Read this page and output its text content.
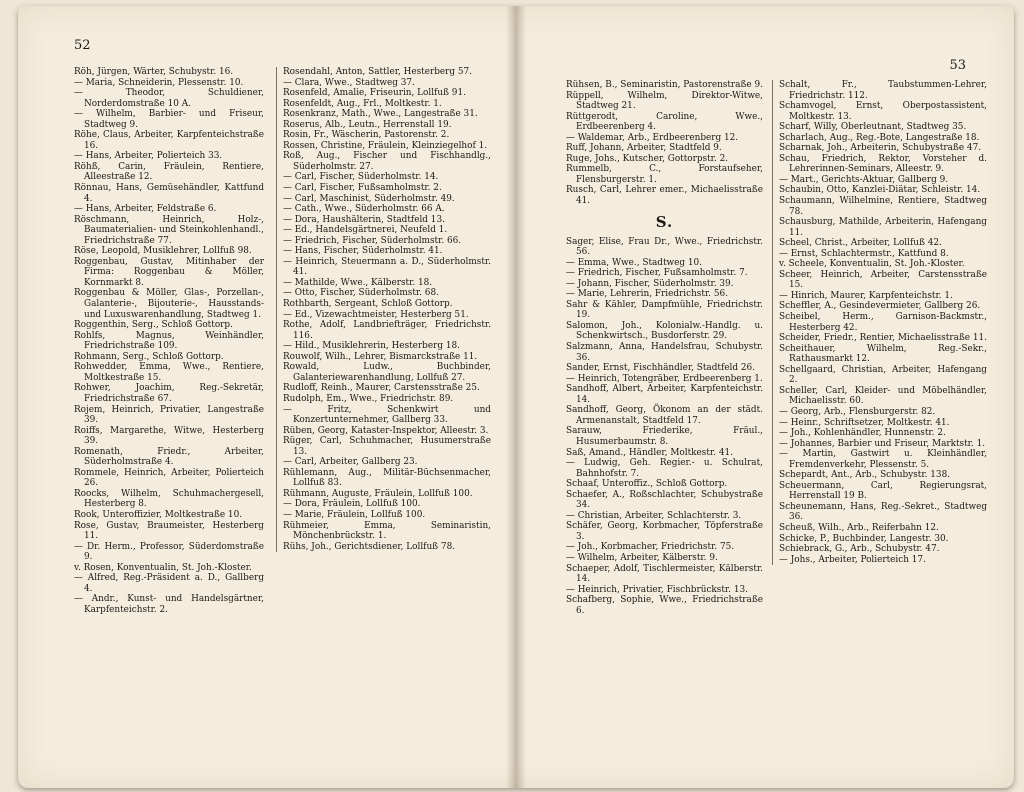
52

Röh, Jürgen, Wärter, Schubystr. 16.

— Maria, Schneiderin, Plessenstr. 10.

— Theodor, Schuldiener, Norderdomstraße 10 A.

— Wilhelm, Barbier- und Friseur, Stadtweg 9.

Röhe, Claus, Arbeiter, Karpfenteichstraße 16.

— Hans, Arbeiter, Polierteich 33.

Röhß, Carin, Fräulein, Rentiere, Alleestraße 12.

Rönnau, Hans, Gemüsehändler, Kattfund 4.

— Hans, Arbeiter, Feldstraße 6.

Röschmann, Heinrich, Holz-, Baumaterialien- und Steinkohlenhandl., Friedrichstraße 77.

Röse, Leopold, Musiklehrer, Lollfuß 98.

Roggenbau, Gustav, Mitinhaber der Firma: Roggenbau & Möller, Kornmarkt 8.

Roggenbau & Möller, Glas-, Porzellan-, Galanterie-, Bijouterie-, Hausstands- und Luxuswarenhandlung, Stadtweg 1.

Roggenthin, Serg., Schloß Gottorp.

Rohlfs, Magnus, Weinhändler, Friedrichstraße 109.

Rohmann, Serg., Schloß Gottorp.

Rohwedder, Emma, Wwe., Rentiere, Moltkestraße 15.

Rohwer, Joachim, Reg.-Sekretär, Friedrichstraße 67.

Rojem, Heinrich, Privatier, Langestraße 39.

Roiffs, Margarethe, Witwe, Hesterberg 39.

Romenath, Friedr., Arbeiter, Süderholmstraße 4.

Rommele, Heinrich, Arbeiter, Polierteich 26.

Roocks, Wilhelm, Schuhmachergesell, Hesterberg 8.

Rook, Unteroffizier, Moltkestraße 10.

Rose, Gustav, Braumeister, Hesterberg 11.

— Dr. Herm., Professor, Süderdomstraße 9.

v. Rosen, Konventualin, St. Joh.-Kloster.

— Alfred, Reg.-Präsident a. D., Gallberg 4.

— Andr., Kunst- und Handelsgärtner, Karpfenteichstr. 2.

Rosendahl, Anton, Sattler, Hesterberg 57.

— Clara, Wwe., Stadtweg 37.

Rosenfeld, Amalie, Friseurin, Lollfuß 91.

Rosenfeldt, Aug., Frl., Moltkestr. 1.

Rosenkranz, Math., Wwe., Langestraße 31.

Roserus, Alb., Leutn., Herrenstall 19.

Rosin, Fr., Wäscherin, Pastorenstr. 2.

Rossen, Christine, Fräulein, Kleinziegelhof 1.

Roß, Aug., Fischer und Fischhandlg., Süderholmstr. 27.

— Carl, Fischer, Süderholmstr. 14.

— Carl, Fischer, Fußsamholmstr. 2.

— Carl, Maschinist, Süderholmstr. 49.

— Cath., Wwe., Süderholmstr. 66 A.

— Dora, Haushälterin, Stadtfeld 13.

— Ed., Handelsgärtnerei, Neufeld 1.

— Friedrich, Fischer, Süderholmstr. 66.

— Hans, Fischer, Süderholmstr. 41.

— Heinrich, Steuermann a. D., Süderholmstr. 41.

— Mathilde, Wwe., Kälberstr. 18.

— Otto, Fischer, Süderholmstr. 68.

Rothbarth, Sergeant, Schloß Gottorp.

— Ed., Vizewachtmeister, Hesterberg 51.

Rothe, Adolf, Landbriefträger, Friedrichstr. 116.

— Hild., Musiklehrerin, Hesterberg 18.

Rouwolf, Wilh., Lehrer, Bismarckstraße 11.

Rowald, Ludw., Buchbinder, Galanteriewarenhandlung, Lollfuß 27.

Rudloff, Reinh., Maurer, Carstensstraße 25.

Rudolph, Em., Wwe., Friedrichstr. 89.

— Fritz, Schenkwirt und Konzertunternehmer, Gallberg 33.

Rüben, Georg, Kataster-Inspektor, Alleestr. 3.

Rüger, Carl, Schuhmacher, Husumerstraße 13.

— Carl, Arbeiter, Gallberg 23.

Rühlemann, Aug., Militär-Büchsenmacher, Lollfuß 83.

Rühmann, Auguste, Fräulein, Lollfuß 100.

— Dora, Fräulein, Lollfuß 100.

— Marie, Fräulein, Lollfuß 100.

Rühmeier, Emma, Seminaristin, Mönchenbrückstr. 1.

Rühs, Joh., Gerichtsdiener, Lollfuß 78.

53

Rühsen, B., Seminaristin, Pastorenstraße 9.

Rüppell, Wilhelm, Direktor-Witwe, Stadtweg 21.

Rüttgerodt, Caroline, Wwe., Erdbeerenberg 4.

— Waldemar, Arb., Erdbeerenberg 12.

Ruff, Johann, Arbeiter, Stadtfeld 9.

Ruge, Johs., Kutscher, Gottorpstr. 2.

Rummelb, C., Forstaufseher, Flensburgerstr. 1.

Rusch, Carl, Lehrer emer., Michaelisstraße 41.

S.

Sager, Elise, Frau Dr., Wwe., Friedrichstr. 56.

— Emma, Wwe., Stadtweg 10.

— Friedrich, Fischer, Fußsamholmstr. 7.

— Johann, Fischer, Süderholmstr. 39.

— Marie, Lehrerin, Friedrichstr. 56.

Sahr & Kähler, Dampfmühle, Friedrichstr. 19.

Salomon, Joh., Kolonialw.-Handlg. u. Schenkwirtsch., Busdorferstr. 29.

Salzmann, Anna, Handelsfrau, Schubystr. 36.

Sander, Ernst, Fischhändler, Stadtfeld 26.

— Heinrich, Totengräber, Erdbeerenberg 1.

Sandhoff, Albert, Arbeiter, Karpfenteichstr. 14.

Sandhoff, Georg, Ökonom an der städt. Armenanstalt, Stadtfeld 17.

Sarauw, Friederike, Fräul., Husumerbaumstr. 8.

Saß, Amand., Händler, Moltkestr. 41.

— Ludwig, Geh. Regier.- u. Schulrat, Bahnhofstr. 7.

Schaaf, Unteroffiz., Schloß Gottorp.

Schaefer, A., Roßschlachter, Schubystraße 34.

— Christian, Arbeiter, Schlachterstr. 3.

Schäfer, Georg, Korbmacher, Töpferstraße 3.

— Joh., Korbmacher, Friedrichstr. 75.

— Wilhelm, Arbeiter, Kälberstr. 9.

Schaeper, Adolf, Tischlermeister, Kälberstr. 14.

— Heinrich, Privatier, Fischbrückstr. 13.

Schafberg, Sophie, Wwe., Friedrichstraße 6.

Schalt, Fr., Taubstummen-Lehrer, Friedrichstr. 112.

Schamvogel, Ernst, Oberpostassistent, Moltkestr. 13.

Scharf, Willy, Oberleutnant, Stadtweg 35.

Scharlach, Aug., Reg.-Bote, Langestraße 18.

Scharnak, Joh., Arbeiterin, Schubystraße 47.

Schau, Friedrich, Rektor, Vorsteher d. Lehrerinnen-Seminars, Alleestr. 9.

— Mart., Gerichts-Aktuar, Gallberg 9.

Schaubin, Otto, Kanzlei-Diätar, Schleistr. 14.

Schaumann, Wilhelmine, Rentiere, Stadtweg 78.

Schausburg, Mathilde, Arbeiterin, Hafengang 11.

Scheel, Christ., Arbeiter, Lollfuß 42.

— Ernst, Schlachtermstr., Kattfund 8.

v. Scheele, Konventualin, St. Joh.-Kloster.

Scheer, Heinrich, Arbeiter, Carstensstraße 15.

— Hinrich, Maurer, Karpfenteichstr. 1.

Scheffler, A., Gesindevermieter, Gallberg 26.

Scheibel, Herm., Garnison-Backmstr., Hesterberg 42.

Scheider, Friedr., Rentier, Michaelisstraße 11.

Scheithauer, Wilhelm, Reg.-Sekr., Rathausmarkt 12.

Schellgaard, Christian, Arbeiter, Hafengang 2.

Scheller, Carl, Kleider- und Möbelhändler, Michaelisstr. 60.

— Georg, Arb., Flensburgerstr. 82.

— Heinr., Schriftsetzer, Moltkestr. 41.

— Joh., Kohlenhändler, Hunnenstr. 2.

— Johannes, Barbier und Friseur, Marktstr. 1.

— Martin, Gastwirt u. Kleinhändler, Fremdenverkehr, Plessenstr. 5.

Schepardt, Ant., Arb., Schubystr. 138.

Scheuermann, Carl, Regierungsrat, Herrenstall 19 B.

Scheunemann, Hans, Reg.-Sekret., Stadtweg 36.

Scheuß, Wilh., Arb., Reiferbahn 12.

Schicke, P., Buchbinder, Langestr. 30.

Schiebrack, G., Arb., Schubystr. 47.

— Johs., Arbeiter, Polierteich 17.
